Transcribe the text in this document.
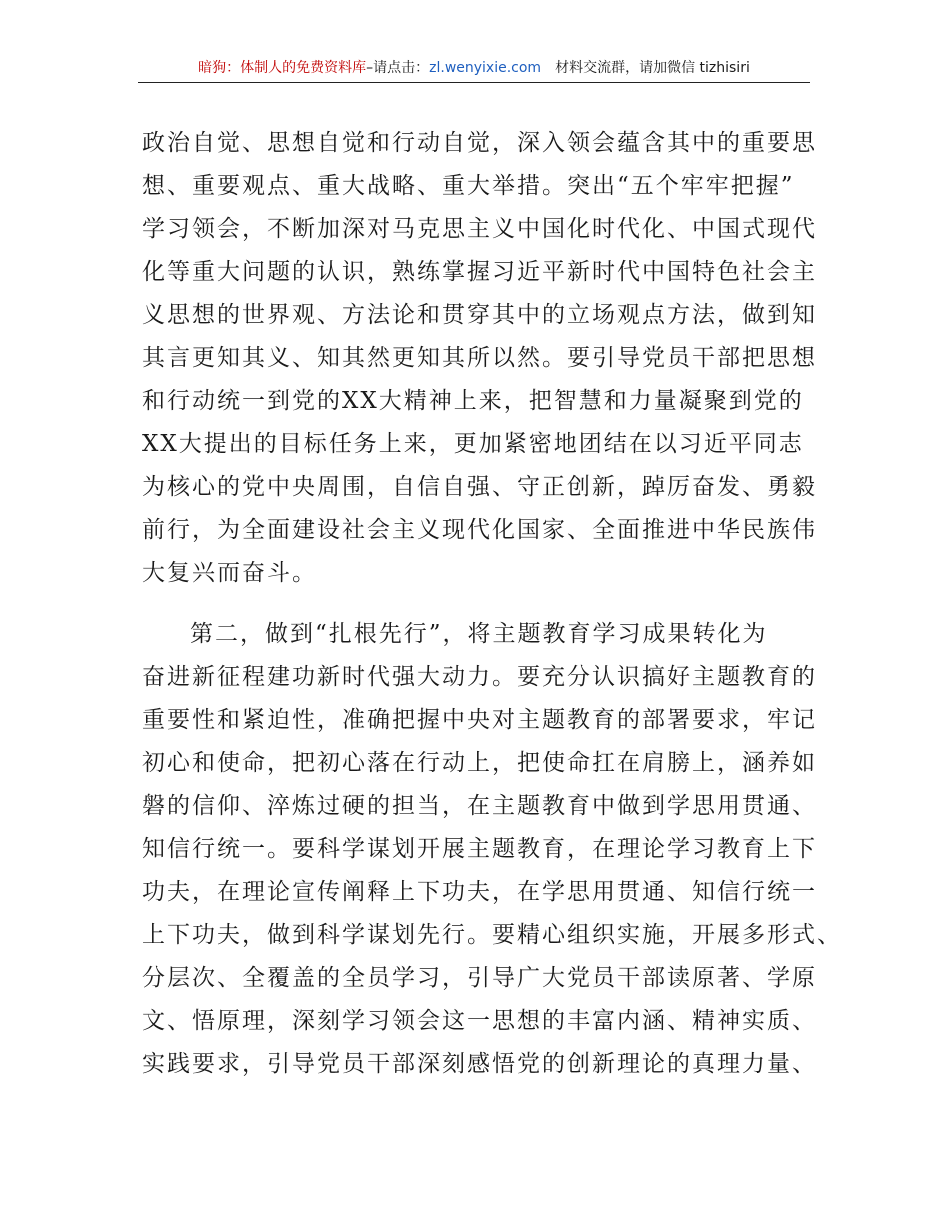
暗狗：体制人的免费资料库–请点击：zl.wenyixie.com 材料交流群，请加微信 tizhisiri
政治自觉、思想自觉和行动自觉，深入领会蕴含其中的重要思
想、重要观点、重大战略、重大举措。突出“五个牢牢把握”
学习领会，不断加深对马克思主义中国化时代化、中国式现代
化等重大问题的认识，熟练掌握习近平新时代中国特色社会主
义思想的世界观、方法论和贯穿其中的立场观点方法，做到知
其言更知其义、知其然更知其所以然。要引导党员干部把思想
和行动统一到党的XX大精神上来，把智慧和力量凝聚到党的
XX大提出的目标任务上来，更加紧密地团结在以习近平同志
为核心的党中央周围，自信自强、守正创新，踔厉奋发、勇毅
前行，为全面建设社会主义现代化国家、全面推进中华民族伟
大复兴而奋斗。
第二，做到“扎根先行”，将主题教育学习成果转化为
奋进新征程建功新时代强大动力。要充分认识搞好主题教育的
重要性和紧迫性，准确把握中央对主题教育的部署要求，牢记
初心和使命，把初心落在行动上，把使命扛在肩膀上，涵养如
磐的信仰、淬炼过硬的担当，在主题教育中做到学思用贯通、
知信行统一。要科学谋划开展主题教育，在理论学习教育上下
功夫，在理论宣传阐释上下功夫，在学思用贯通、知信行统一
上下功夫，做到科学谋划先行。要精心组织实施，开展多形式、
分层次、全覆盖的全员学习，引导广大党员干部读原著、学原
文、悟原理，深刻学习领会这一思想的丰富内涵、精神实质、
实践要求，引导党员干部深刻感悟党的创新理论的真理力量、
